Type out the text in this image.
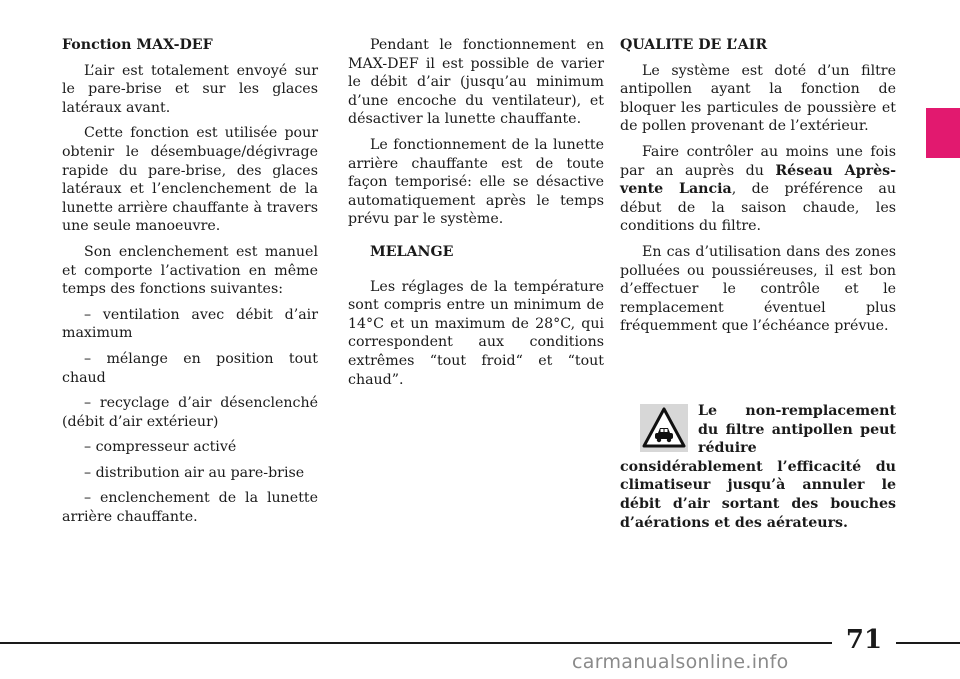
Fonction MAX-DEF

L’air est totalement envoyé sur le pare-brise et sur les glaces latéraux avant.

Cette fonction est utilisée pour obtenir le désembuage/dégivrage rapide du pare-brise, des glaces latéraux et l’enclenchement de la lunette arrière chauffante à travers une seule manoeuvre.

Son enclenchement est manuel et comporte l’activation en même temps des fonctions suivantes:

– ventilation avec débit d’air maximum

– mélange en position tout chaud

– recyclage d’air désenclenché (débit d’air extérieur)

– compresseur activé

– distribution air au pare-brise

– enclenchement de la lunette arrière chauffante.

Pendant le fonctionnement en MAX-DEF il est possible de varier le débit d’air (jusqu’au minimum d’une encoche du ventilateur), et désactiver la lunette chauffante.

Le fonctionnement de la lunette arrière chauffante est de toute façon temporisé: elle se désactive automatiquement après le temps prévu par le système.

MELANGE

Les réglages de la température sont compris entre un minimum de 14°C et un maximum de 28°C, qui correspondent aux conditions extrêmes “tout froid“ et “tout chaud”.

QUALITE DE L’AIR

Le système est doté d’un filtre antipollen ayant la fonction de bloquer les particules de poussière et de pollen provenant de l’extérieur.

Faire contrôler au moins une fois par an auprès du Réseau Après-vente Lancia, de préférence au début de la saison chaude, les conditions du filtre.

En cas d’utilisation dans des zones polluées ou poussiéreuses, il est bon d’effectuer le contrôle et le remplacement éventuel plus fréquemment que l’échéance prévue.

Le non-remplacement du filtre antipollen peut réduire considérablement l’efficacité du climatiseur jusqu’à annuler le débit d’air sortant des bouches d’aérations et des aérateurs.
71
carmanualsonline.info
